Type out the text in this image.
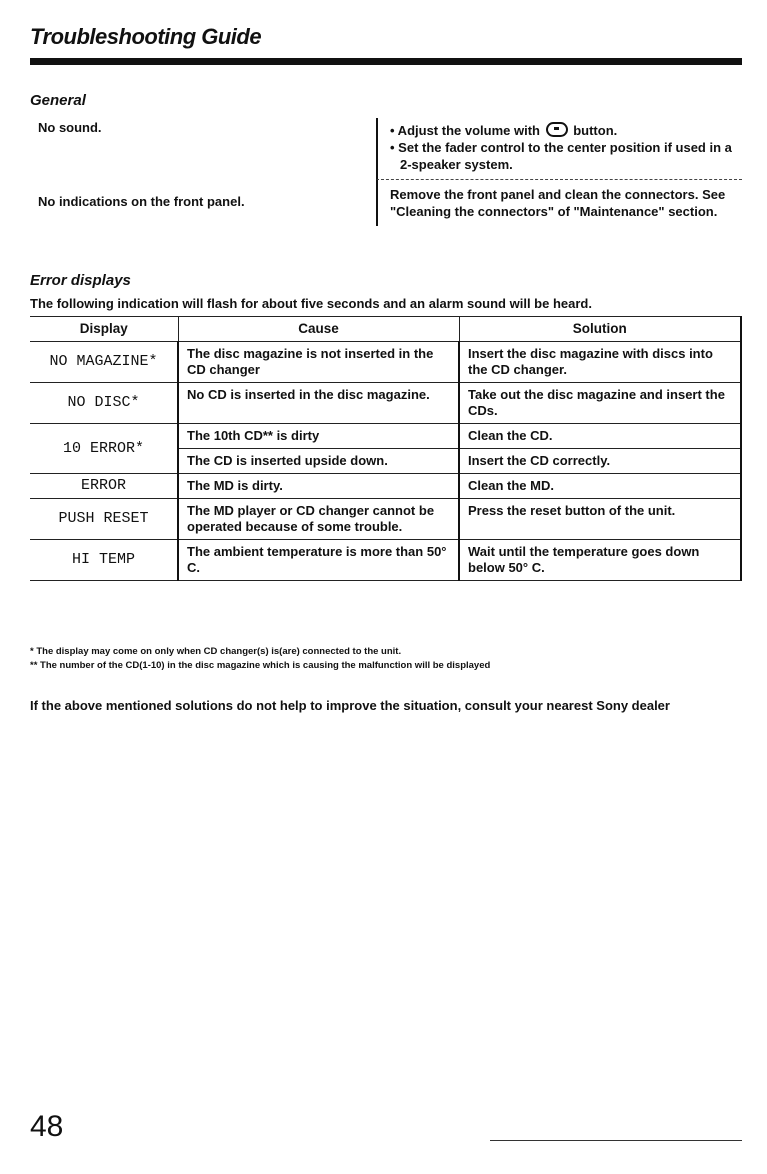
Troubleshooting Guide
General
No sound.	• Adjust the volume with	button.
• Set the fader control to the center position if used in a 2-speaker system.
No indications on the front panel.	Remove the front panel and clean the connectors. See "Cleaning the connectors" of "Maintenance" section.
Error displays
The following indication will flash for about five seconds and an alarm sound will be heard.
Display	Cause	Solution
NO MAGAZINE*	The disc magazine is not inserted in the CD changer	Insert the disc magazine with discs into the CD changer.
NO DISC*	No CD is inserted in the disc magazine.	Take out the disc magazine and insert the CDs.
10 ERROR*	The 10th CD** is dirty	Clean the CD.
	The CD is inserted upside down.	Insert the CD correctly.
ERROR	The MD is dirty.	Clean the MD.
PUSH RESET	The MD player or CD changer cannot be operated because of some trouble.	Press the reset button of the unit.
HI TEMP	The ambient temperature is more than 50° C.	Wait until the temperature goes down below 50° C.
* The display may come on only when CD changer(s) is(are) connected to the unit.
** The number of the CD(1-10) in the disc magazine which is causing the malfunction will be displayed
If the above mentioned solutions do not help to improve the situation, consult your nearest Sony dealer
48
